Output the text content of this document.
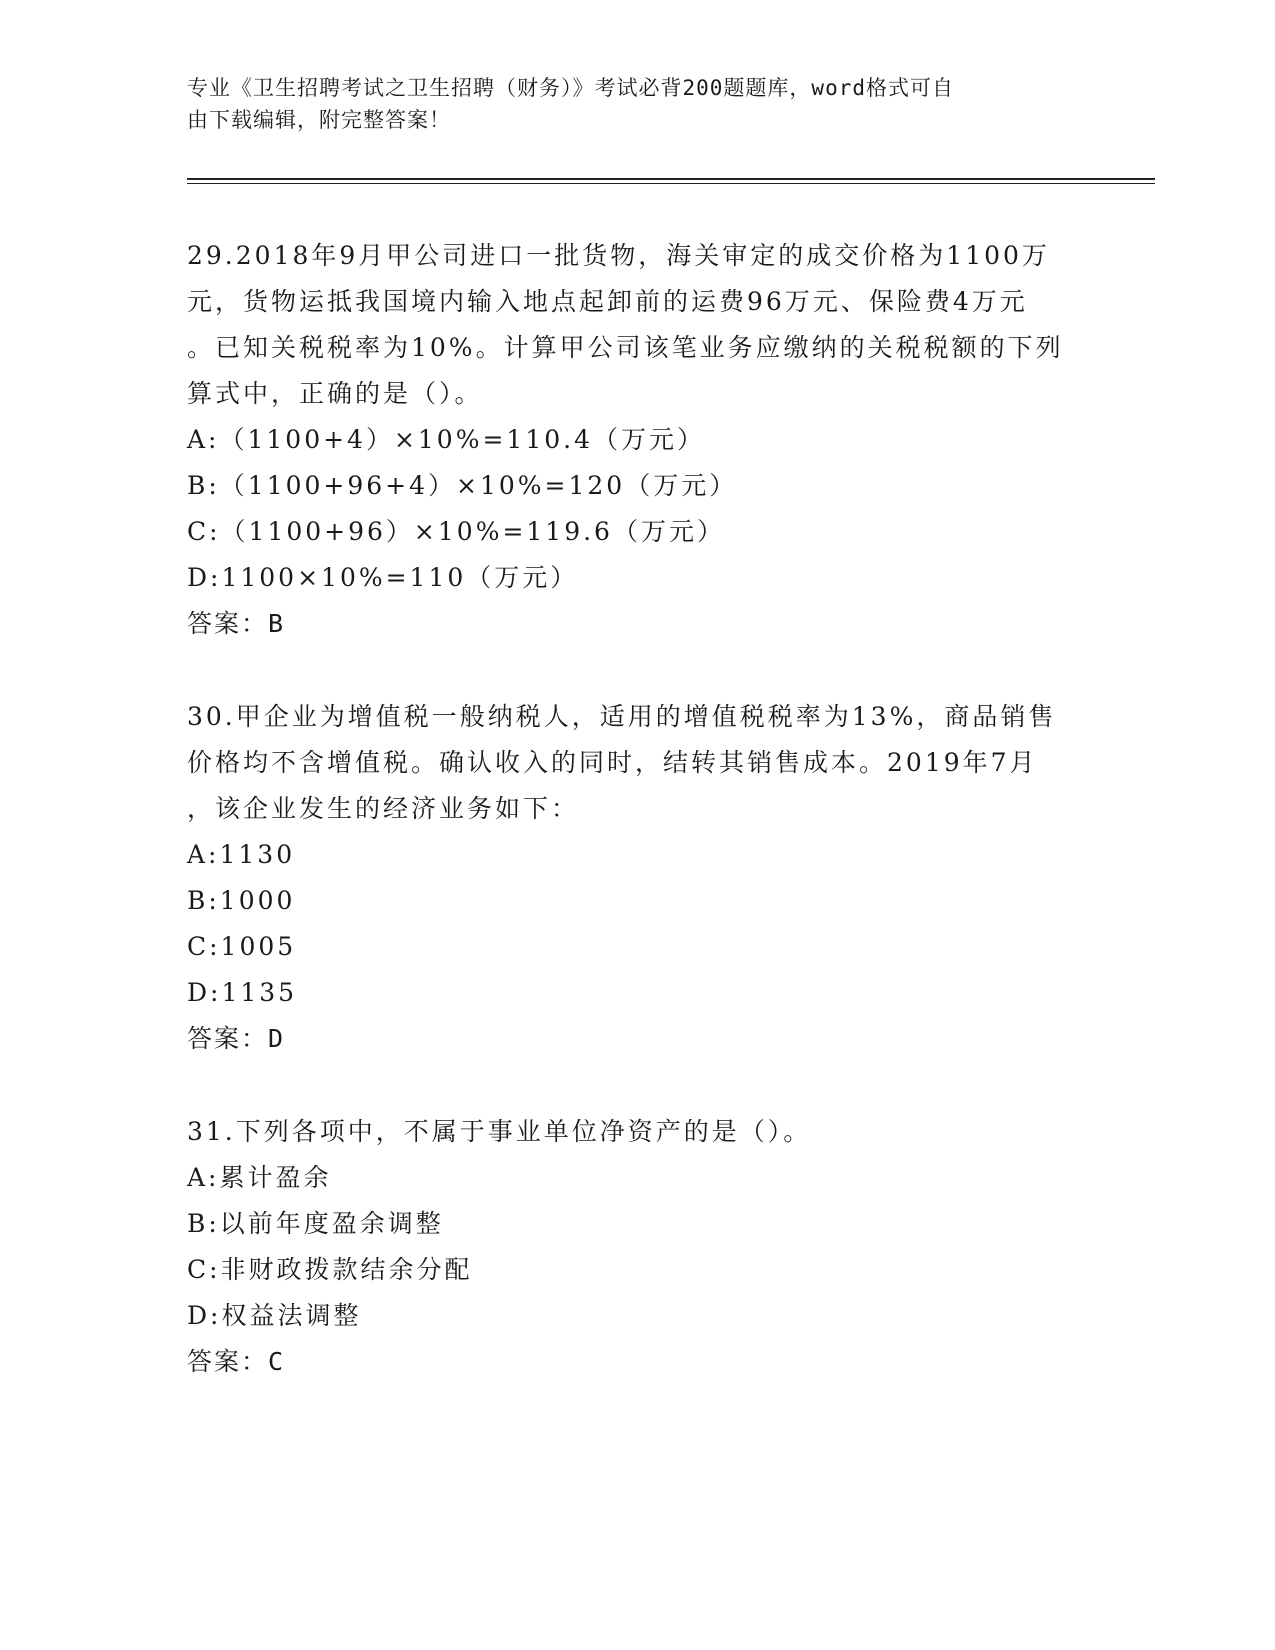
专业《卫生招聘考试之卫生招聘（财务）》考试必背200题题库，word格式可自
由下载编辑，附完整答案！
29.2018年9月甲公司进口一批货物，海关审定的成交价格为1100万
元，货物运抵我国境内输入地点起卸前的运费96万元、保险费4万元
。已知关税税率为10%。计算甲公司该笔业务应缴纳的关税税额的下列
算式中，正确的是（）。
A:（1100+4）×10%=110.4（万元）
B:（1100+96+4）×10%=120（万元）
C:（1100+96）×10%=119.6（万元）
D:1100×10%=110（万元）
答案：B
30.甲企业为增值税一般纳税人，适用的增值税税率为13%，商品销售
价格均不含增值税。确认收入的同时，结转其销售成本。2019年7月
，该企业发生的经济业务如下：
A:1130
B:1000
C:1005
D:1135
答案：D
31.下列各项中，不属于事业单位净资产的是（）。
A:累计盈余
B:以前年度盈余调整
C:非财政拨款结余分配
D:权益法调整
答案：C
